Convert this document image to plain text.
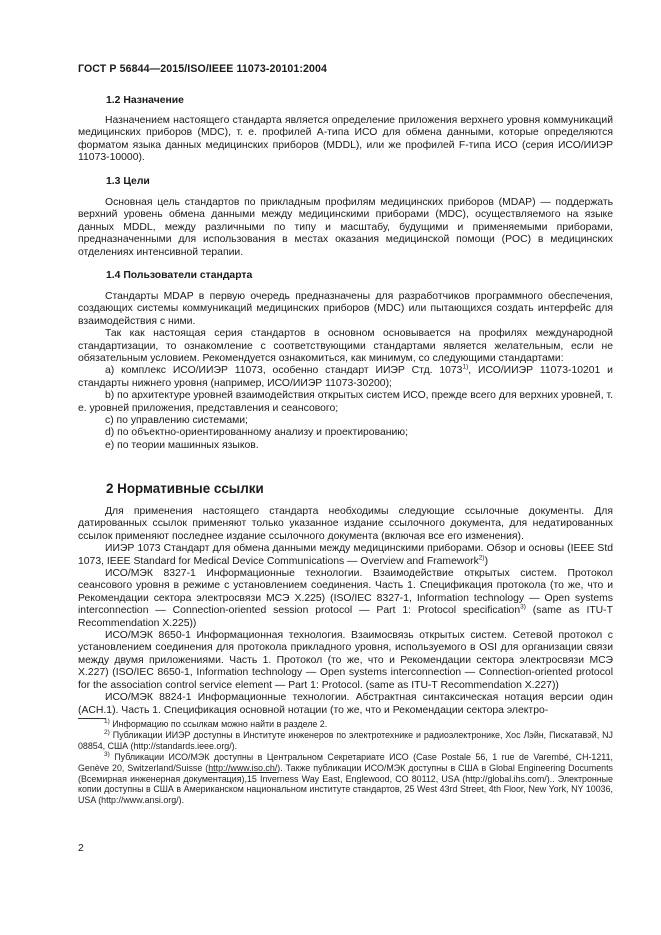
ГОСТ Р 56844—2015/ISO/IEEE 11073-20101:2004
1.2 Назначение

Назначением настоящего стандарта является определение приложения верхнего уровня коммуникаций медицинских приборов (MDC), т. е. профилей А-типа ИСО для обмена данными, которые определяются форматом языка данных медицинских приборов (MDDL), или же профилей F-типа ИСО (серия ИСО/ИИЭР 11073-10000).

1.3 Цели

Основная цель стандартов по прикладным профилям медицинских приборов (MDAP) — поддержать верхний уровень обмена данными между медицинскими приборами (MDC), осуществляемого на языке данных MDDL, между различными по типу и масштабу, будущими и применяемыми приборами, предназначенными для использования в местах оказания медицинской помощи (POC) в медицинских отделениях интенсивной терапии.

1.4 Пользователи стандарта

Стандарты MDAP в первую очередь предназначены для разработчиков программного обеспечения, создающих системы коммуникаций медицинских приборов (MDC) или пытающихся создать интерфейс для взаимодействия с ними.

Так как настоящая серия стандартов в основном основывается на профилях международной стандартизации, то ознакомление с соответствующими стандартами является желательным, если не обязательным условием. Рекомендуется ознакомиться, как минимум, со следующими стандартами:

а) комплекс ИСО/ИИЭР 11073, особенно стандарт ИИЭР Стд. 1073$^{1)}$, ИСО/ИИЭР 11073-10201 и стандарты нижнего уровня (например, ИСО/ИИЭР 11073-30200);

b) по архитектуре уровней взаимодействия открытых систем ИСО, прежде всего для верхних уровней, т. е. уровней приложения, представления и сеансового;

c) по управлению системами;

d) по объектно-ориентированному анализу и проектированию;

e) по теории машинных языков.

2 Нормативные ссылки

Для применения настоящего стандарта необходимы следующие ссылочные документы. Для датированных ссылок применяют только указанное издание ссылочного документа, для недатированных ссылок применяют последнее издание ссылочного документа (включая все его изменения).

ИИЭР 1073 Стандарт для обмена данными между медицинскими приборами. Обзор и основы (IEEE Std 1073, IEEE Standard for Medical Device Communications — Overview and Framework$^{2)}$)

ИСО/МЭК 8327-1 Информационные технологии. Взаимодействие открытых систем. Протокол сеансового уровня в режиме с установлением соединения. Часть 1. Спецификация протокола (то же, что и Рекомендации сектора электросвязи МСЭ X.225) (ISO/IEC 8327-1, Information technology — Open systems interconnection — Connection-oriented session protocol — Part 1: Protocol specification$^{3)}$ (same as ITU-T Recommendation X.225))

ИСО/МЭК 8650-1 Информационная технология. Взаимосвязь открытых систем. Сетевой протокол с установлением соединения для протокола прикладного уровня, используемого в OSI для организации связи между двумя приложениями. Часть 1. Протокол (то же, что и Рекомендации сектора электросвязи МСЭ X.227) (ISO/IEC 8650-1, Information technology — Open systems interconnection — Connection-oriented protocol for the association control service element — Part 1: Protocol. (same as ITU-T Recommendation X.227))

ИСО/МЭК 8824-1 Информационные технологии. Абстрактная синтаксическая нотация версии один (ACH.1). Часть 1. Спецификация основной нотации (то же, что и Рекомендации сектора электро-

$^{1)}$ Информацию по ссылкам можно найти в разделе 2.

$^{2)}$ Публикации ИИЭР доступны в Институте инженеров по электротехнике и радиоэлектронике, Хос Лэйн, Пискатавэй, NJ 08854, США (http://standards.ieee.org/).

$^{3)}$ Публикации ИСО/МЭК доступны в Центральном Секретариате ИСО (Case Postale 56, 1 rue de Varembé, CH-1211, Genève 20, Switzerland/Suisse (http://www.iso.ch/). Также публикации ИСО/МЭК доступны в США в Global Engineering Documents (Всемирная инженерная документация),15 Inverness Way East, Englewood, CO 80112, USA (http://global.ihs.com/).. Электронные копии доступны в США в Американском национальном институте стандартов, 25 West 43rd Street, 4th Floor, New York, NY 10036, USA (http://www.ansi.org/).

2
